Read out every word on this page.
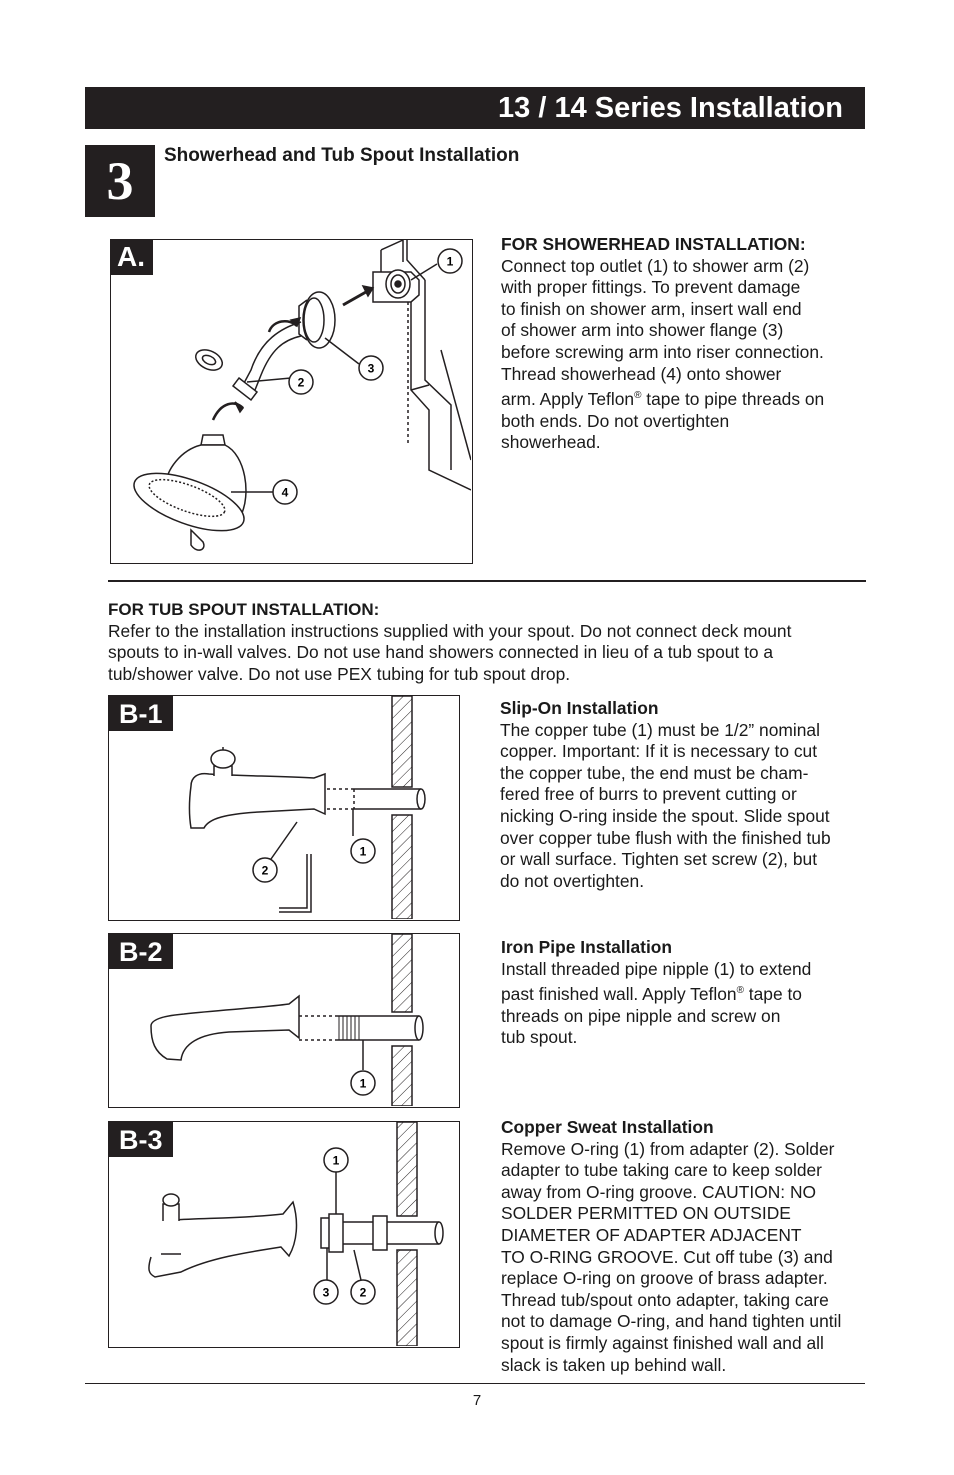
13 / 14 Series Installation
3	Showerhead and Tub Spout Installation
A.	1
2
3
4
FOR SHOWERHEAD INSTALLATION:
Connect top outlet (1) to shower arm (2)
with proper fittings. To prevent damage
to finish on shower arm, insert wall end
of shower arm into shower flange (3)
before screwing arm into riser connection.
Thread showerhead (4) onto shower
arm. Apply Teflon® tape to pipe threads on
both ends. Do not overtighten
showerhead.
FOR TUB SPOUT INSTALLATION:
Refer to the installation instructions supplied with your spout. Do not connect deck mount
spouts to in-wall valves. Do not use hand showers connected in lieu of a tub spout to a
tub/shower valve. Do not use PEX tubing for tub spout drop.
B-1
1
2
Slip-On Installation
The copper tube (1) must be 1/2” nominal
copper. Important: If it is necessary to cut
the copper tube, the end must be cham-
fered free of burrs to prevent cutting or
nicking O-ring inside the spout. Slide spout
over copper tube flush with the finished tub
or wall surface. Tighten set screw (2), but
do not overtighten.
B-2
1
Iron Pipe Installation
Install threaded pipe nipple (1) to extend
past finished wall. Apply Teflon® tape to
threads on pipe nipple and screw on
tub spout.
B-3
1
3	2
Copper Sweat Installation
Remove O-ring (1) from adapter (2). Solder
adapter to tube taking care to keep solder
away from O-ring groove. CAUTION: NO
SOLDER PERMITTED ON OUTSIDE
DIAMETER OF ADAPTER ADJACENT
TO O-RING GROOVE. Cut off tube (3) and
replace O-ring on groove of brass adapter.
Thread tub/spout onto adapter, taking care
not to damage O-ring, and hand tighten until
spout is firmly against finished wall and all
slack is taken up behind wall.
7
